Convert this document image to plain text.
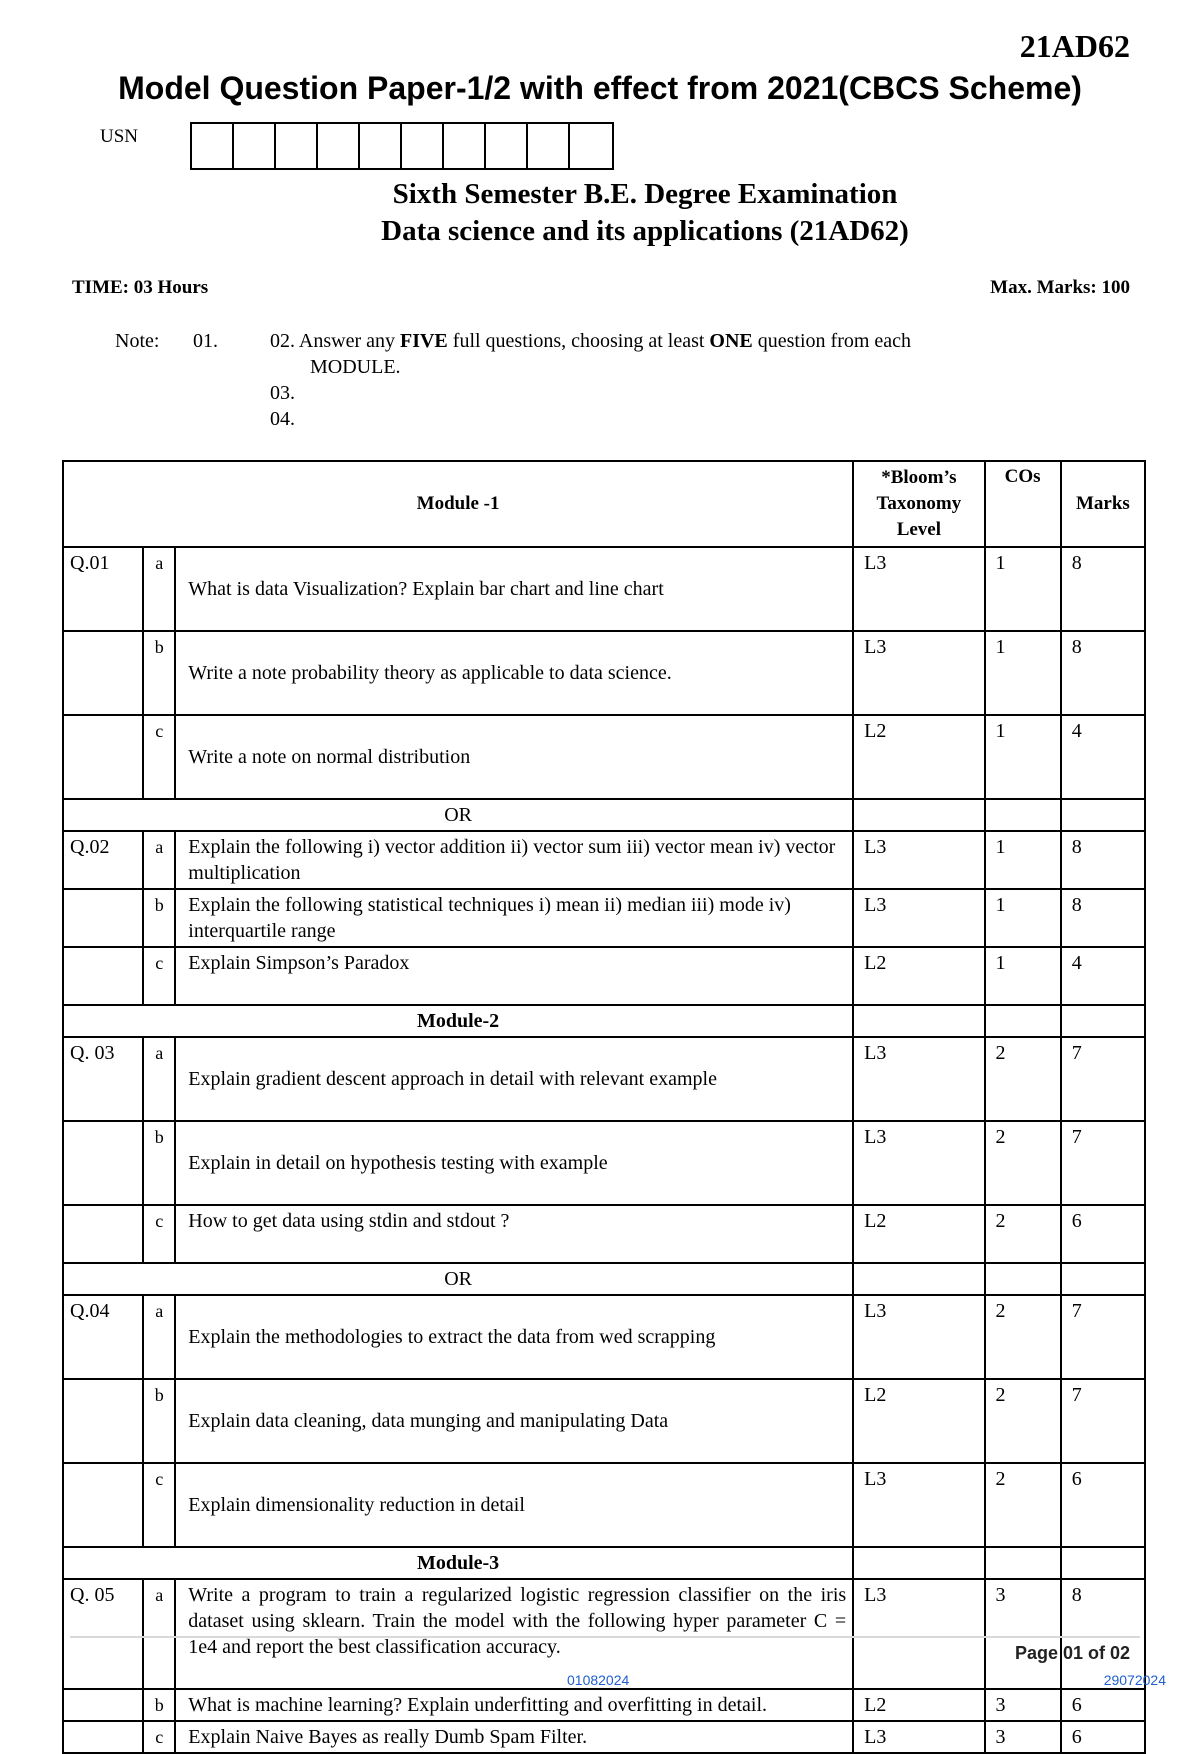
21AD62
Model Question Paper-1/2 with effect from 2021(CBCS Scheme)
USN
Sixth Semester B.E. Degree Examination
Data science and its applications (21AD62)
TIME: 03 Hours	Max. Marks: 100
Note:	01.	02. Answer any FIVE full questions, choosing at least ONE question from each
MODULE.
03.
04.
Module -1			*Bloom’s Taxonomy Level	COs	Marks
Q.01	a	What is data Visualization? Explain bar chart and line chart	L3	1	8
	b	Write a note probability theory as applicable to data science.	L3	1	8
	c	Write a note on normal distribution	L2	1	4
OR					
Q.02	a	Explain the following i) vector addition ii) vector sum iii) vector mean iv) vector multiplication	L3	1	8
	b	Explain the following statistical techniques i) mean ii) median iii) mode iv) interquartile range	L3	1	8
	c	Explain Simpson’s Paradox	L2	1	4
Module-2					
Q. 03	a	Explain gradient descent approach in detail with relevant example	L3	2	7
	b	Explain in detail on hypothesis testing with example	L3	2	7
	c	How to get data using stdin and stdout ?	L2	2	6
OR					
Q.04	a	Explain the methodologies to extract the data from wed scrapping	L3	2	7
	b	Explain data cleaning, data munging and manipulating Data	L2	2	7
	c	Explain dimensionality reduction in detail	L3	2	6
Module-3					
Q. 05	a	Write a program to train a regularized logistic regression classifier on the iris dataset using sklearn. Train the model with the following hyper parameter C = 1e4 and report the best classification accuracy.	L3	3	8
	b	What is machine learning? Explain underfitting and overfitting in detail.	L2	3	6
	c	Explain Naive Bayes as really Dumb Spam Filter.	L3	3	6
Page 01 of 02
01082024	29072024
